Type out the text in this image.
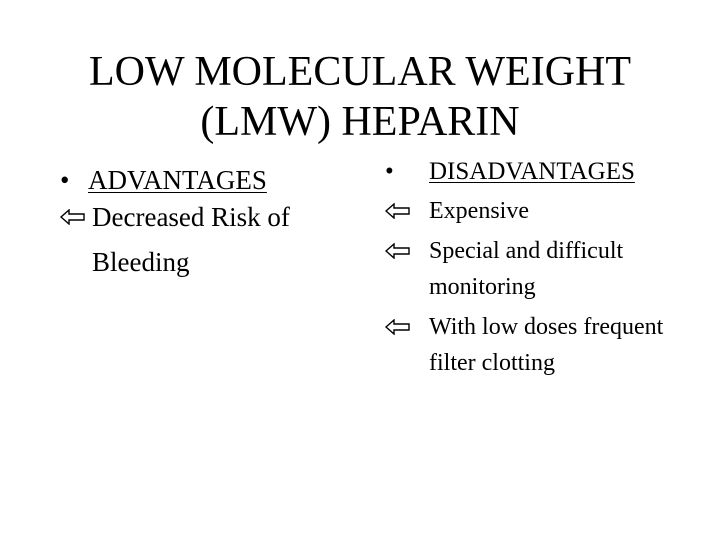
LOW MOLECULAR WEIGHT
(LMW) HEPARIN
• ADVANTAGES
Decreased Risk of Bleeding
•	DISADVANTAGES
Expensive
Special and difficult monitoring
With low doses frequent filter clotting
